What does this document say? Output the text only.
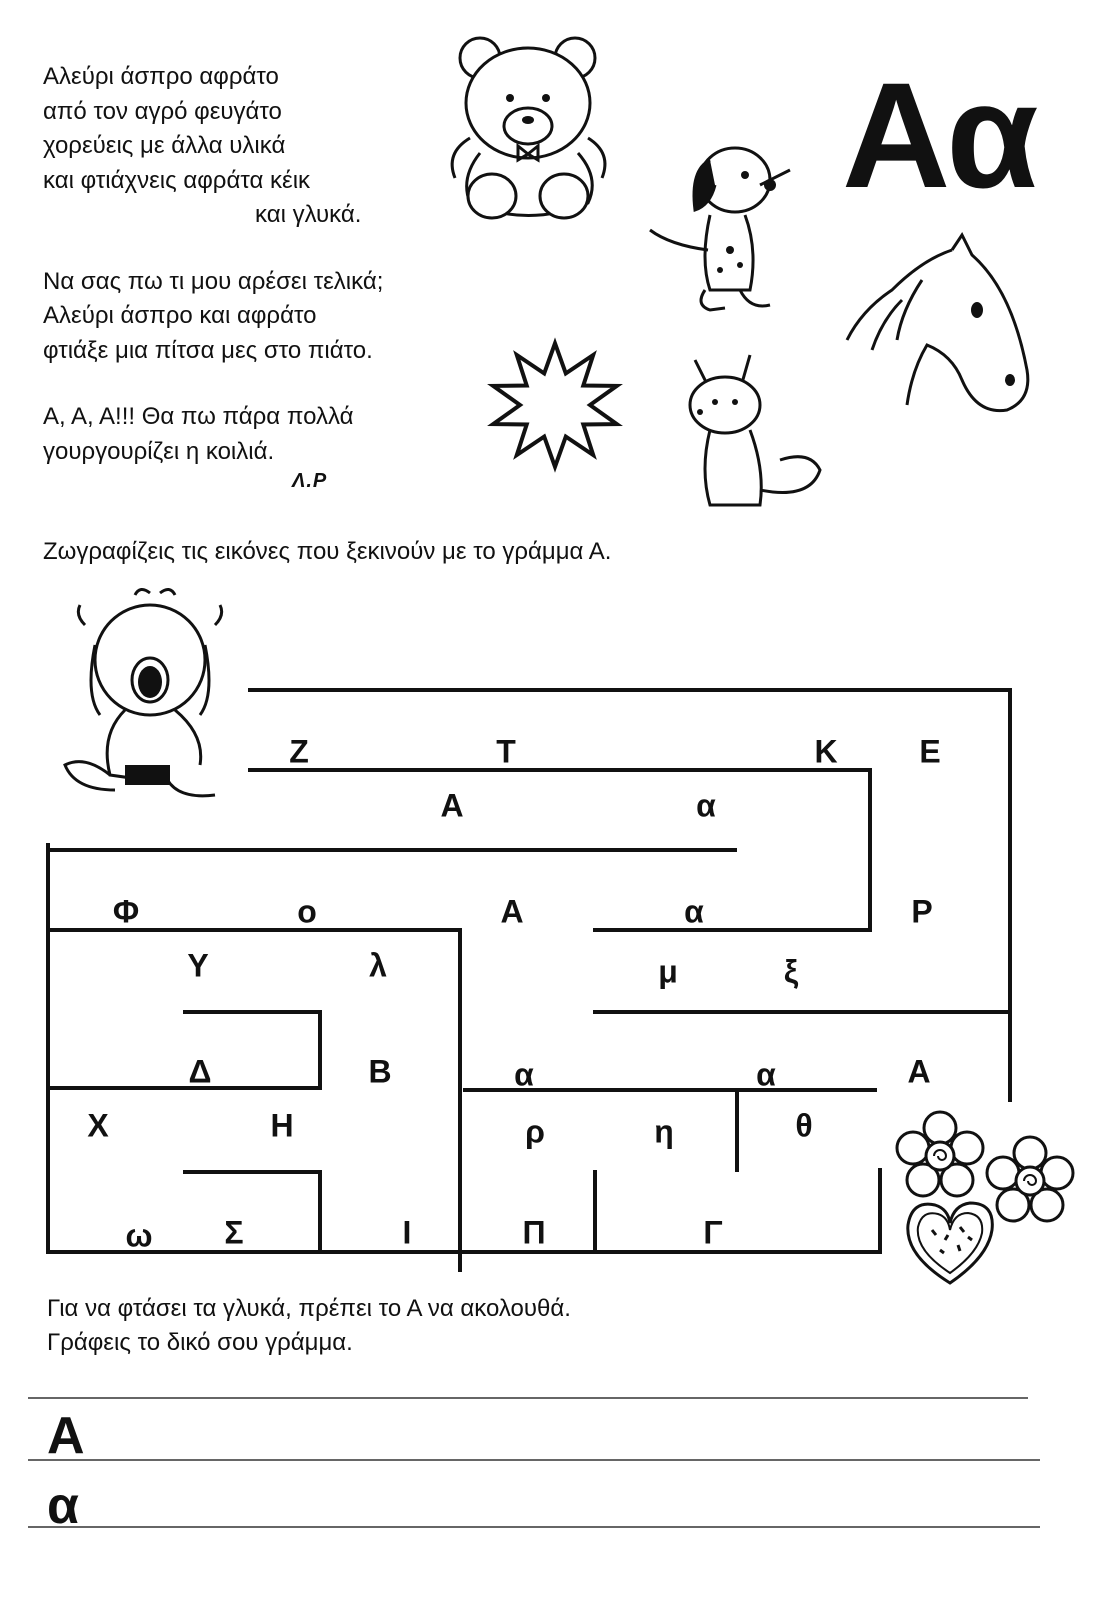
Αλεύρι άσπρο αφράτο
από τον αγρό φευγάτο
χορεύεις με άλλα υλικά
και φτιάχνεις αφράτα κέικ
και γλυκά.
Να σας πω τι μου αρέσει τελικά;
Αλεύρι άσπρο και αφράτο
φτιάξε μια πίτσα μες στο πιάτο.
Α, Α, Α!!! Θα πω πάρα πολλά
γουργουρίζει η κοιλιά.
Λ.Ρ
Αα
Ζωγραφίζεις τις εικόνες που ξεκινούν με το γράμμα Α.
Ζ	Τ	Κ	Ε
Α	α
Φ	ο	Α	α	Ρ
Υ	λ	μ	ξ
Δ	Β	α	α	Α
Χ	Η	ρ	η	θ
ω Σ	Ι	Π	Γ
Για να φτάσει τα γλυκά, πρέπει το Α να ακολουθά.
Γράφεις το δικό σου γράμμα.
Α
α
